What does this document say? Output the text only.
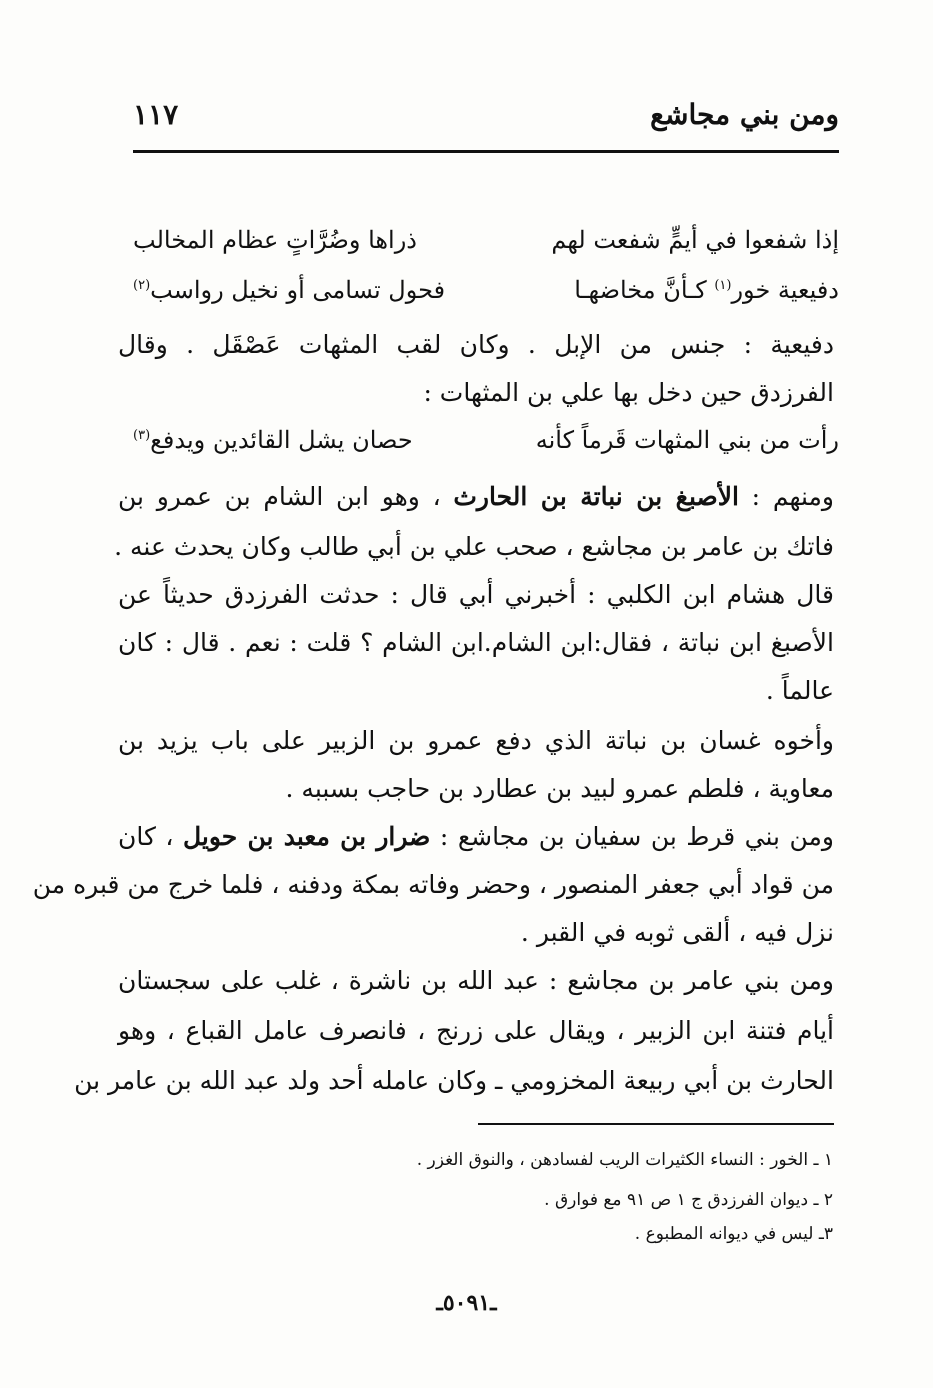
ومن بني مجاشع
١١٧
إذا شفعوا في أيمٍّ شفعت لهم
ذراها وضُرَّاتٍ عظام المخالب
دفيعية خور$^{(١)}$ كـأنَّ مخاضهـا
فحول تسامى أو نخيل رواسب$^{(٢)}$
دفيعية : جنس من الإبل . وكان لقب المثهات عَصْقَل . وقال
الفرزدق حين دخل بها علي بن المثهات :
رأت من بني المثهات قَرماً كأنه
حصان يشل القائدين ويدفع$^{(٣)}$
ومنهم : الأصبغ بن نباتة بن الحارث ، وهو ابن الشام بن عمرو بن
فاتك بن عامر بن مجاشع ، صحب علي بن أبي طالب وكان يحدث عنه .
قال هشام ابن الكلبي : أخبرني أبي قال : حدثت الفرزدق حديثاً عن
الأصبغ ابن نباتة ، فقال:ابن الشام.ابن الشام ؟ قلت : نعم . قال : كان
عالماً .
وأخوه غسان بن نباتة الذي دفع عمرو بن الزبير على باب يزيد بن
معاوية ، فلطم عمرو لبيد بن عطارد بن حاجب بسببه .
ومن بني قرط بن سفيان بن مجاشع : ضرار بن معبد بن حويل ، كان
من قواد أبي جعفر المنصور ، وحضر وفاته بمكة ودفنه ، فلما خرج من قبره من
نزل فيه ، ألقى ثوبه في القبر .
ومن بني عامر بن مجاشع : عبد الله بن ناشرة ، غلب على سجستان
أيام فتنة ابن الزبير ، ويقال على زرنج ، فانصرف عامل القباع ، وهو
الحارث بن أبي ربيعة المخزومي ـ وكان عامله أحد ولد عبد الله بن عامر بن
١ ـ الخور : النساء الكثيرات الريب لفسادهن ، والنوق الغزر .
٢ ـ ديوان الفرزدق ج ١ ص ٩١ مع فوارق .
٣ـ ليس في ديوانه المطبوع .
ـ٥٠٩١ـ
